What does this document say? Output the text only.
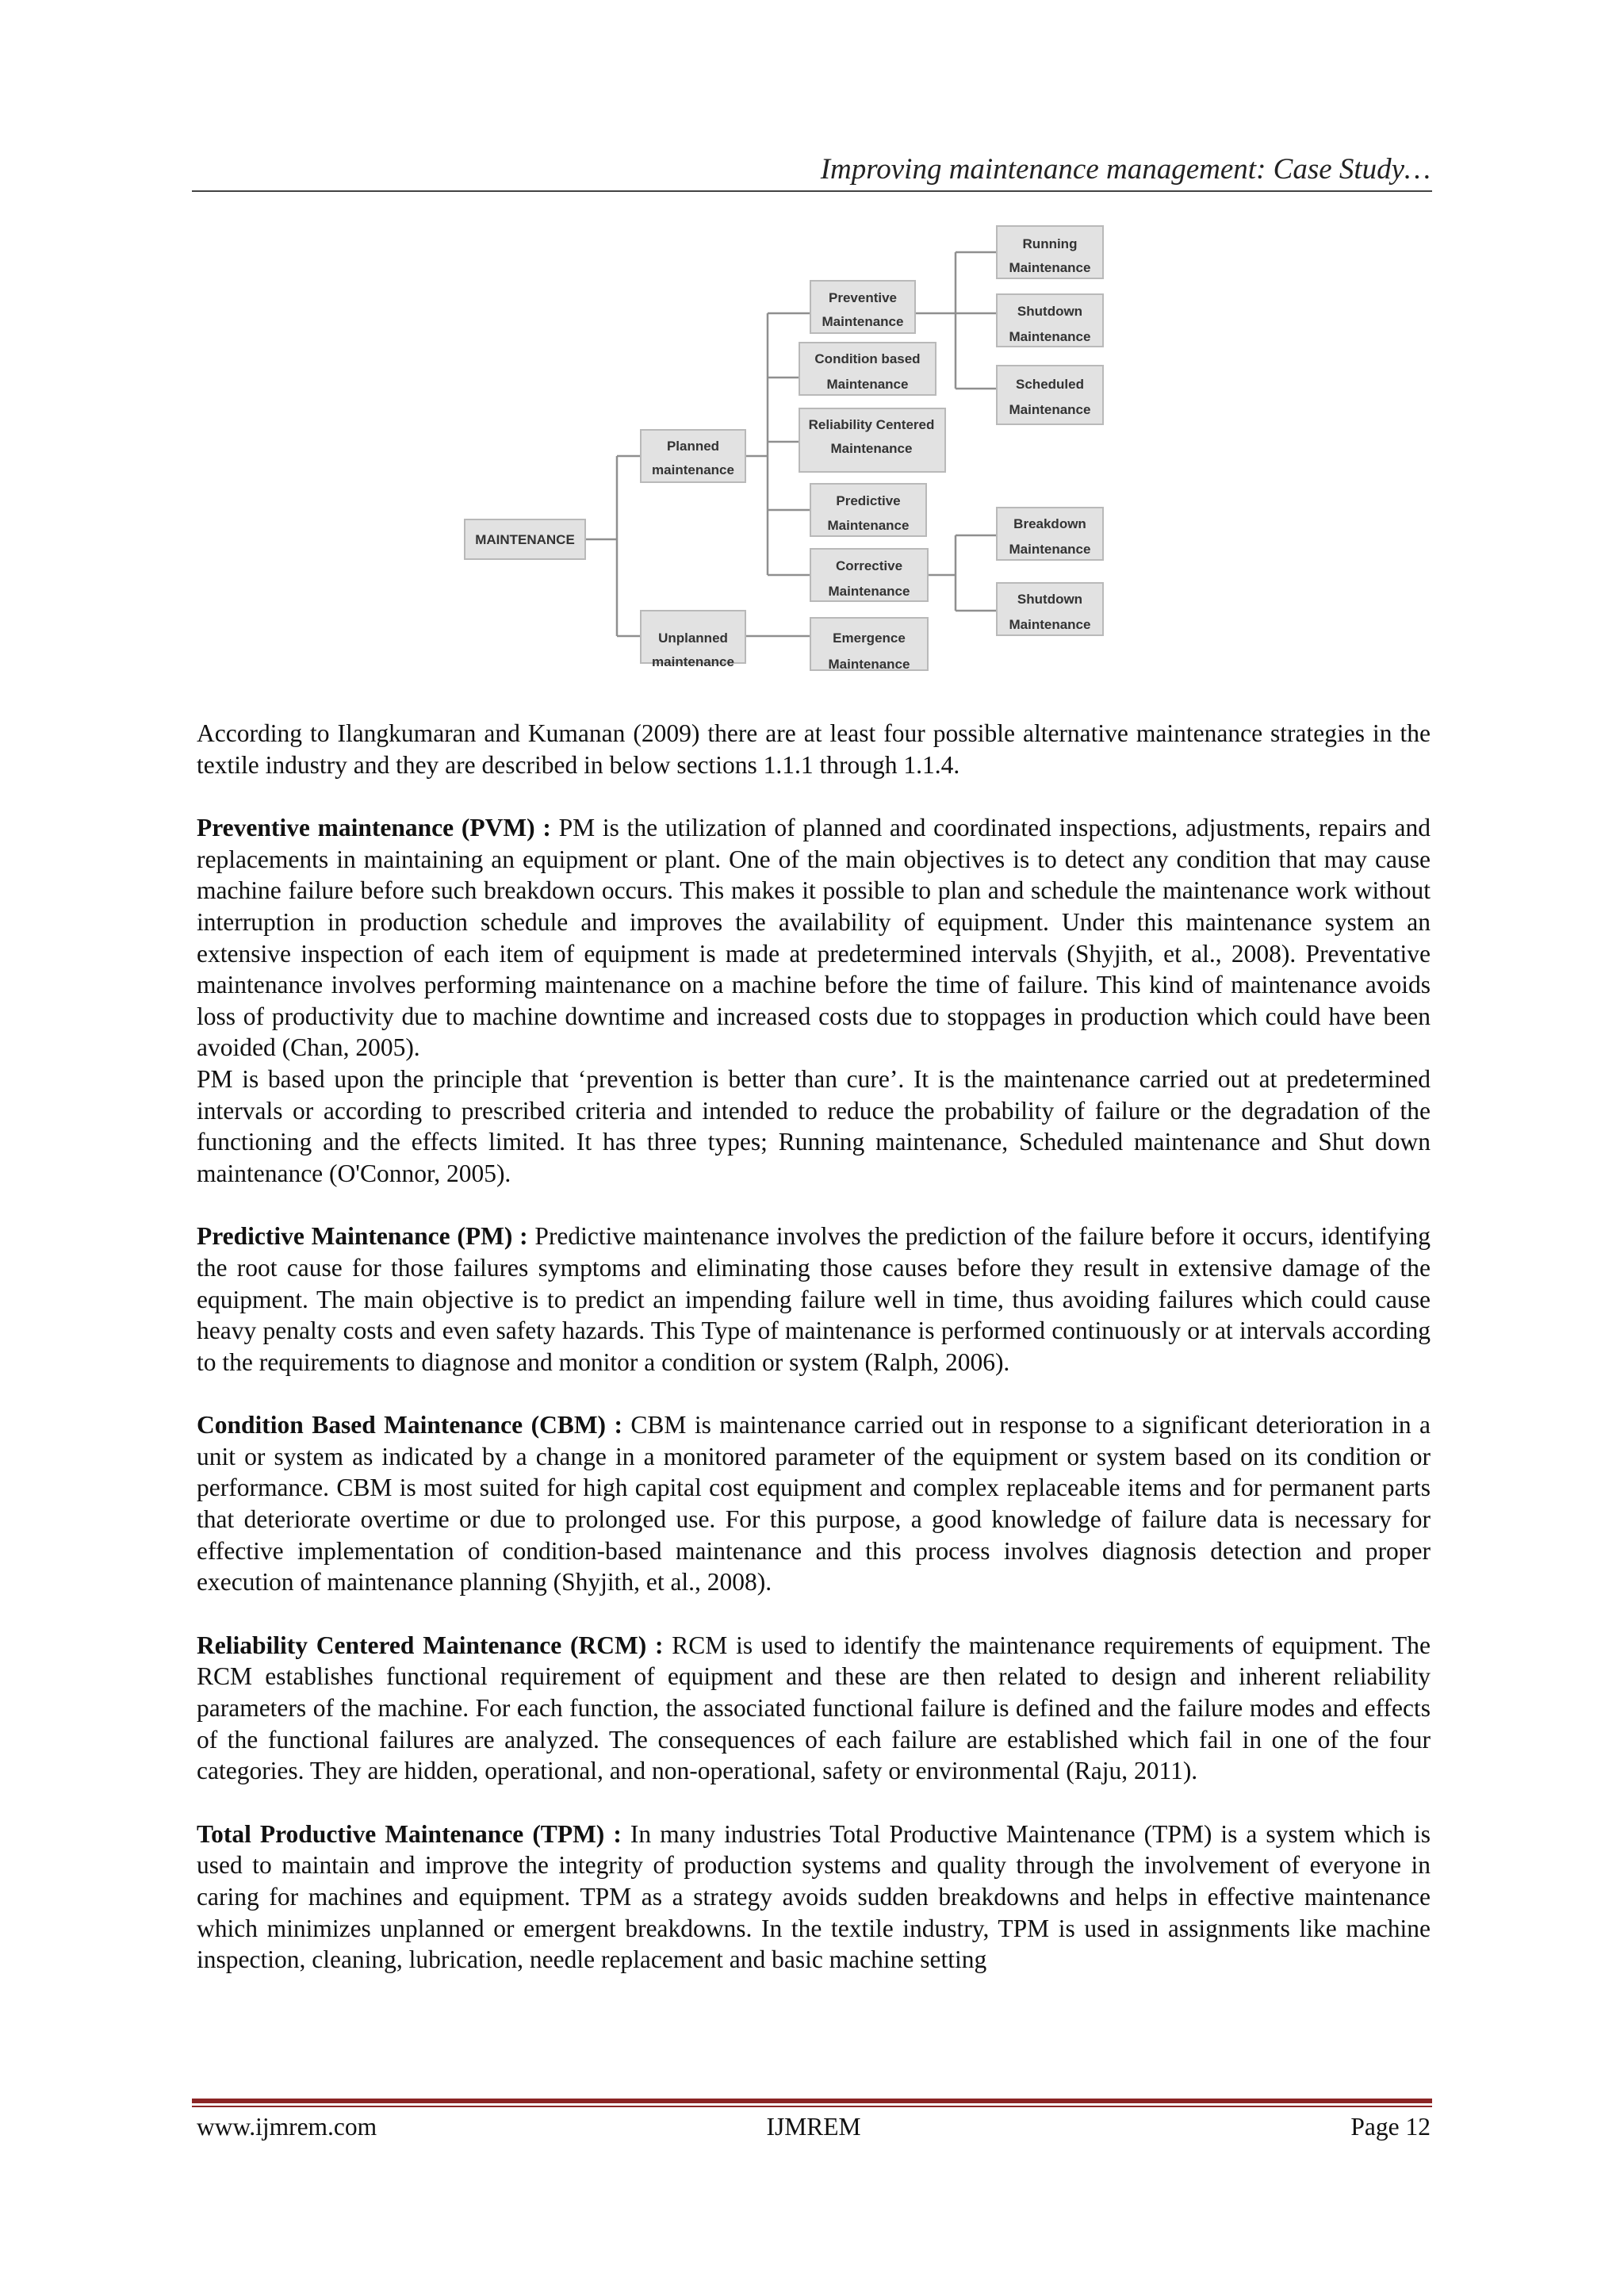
Improving maintenance management: Case Study…
MAINTENANCE
Planned
maintenance
Unplanned
maintenance
Preventive
Maintenance
Condition based
Maintenance
Reliability Centered
Maintenance
Predictive
Maintenance
Corrective
Maintenance
Emergence
Maintenance
Running
Maintenance
Shutdown
Maintenance
Scheduled
Maintenance
Breakdown
Maintenance
Shutdown
Maintenance

According to Ilangkumaran and Kumanan (2009) there are at least four possible alternative maintenance strategies in the textile industry and they are described in below sections 1.1.1 through 1.1.4.

Preventive maintenance (PVM) : PM is the utilization of planned and coordinated inspections, adjustments, repairs and replacements in maintaining an equipment or plant. One of the main objectives is to detect any condition that may cause machine failure before such breakdown occurs. This makes it possible to plan and schedule the maintenance work without interruption in production schedule and improves the availability of equipment. Under this maintenance system an extensive inspection of each item of equipment is made at predetermined intervals (Shyjith, et al., 2008). Preventative maintenance involves performing maintenance on a machine before the time of failure. This kind of maintenance avoids loss of productivity due to machine downtime and increased costs due to stoppages in production which could have been avoided (Chan, 2005).

PM is based upon the principle that ‘prevention is better than cure’. It is the maintenance carried out at predetermined intervals or according to prescribed criteria and intended to reduce the probability of failure or the degradation of the functioning and the effects limited. It has three types; Running maintenance, Scheduled maintenance and Shut down maintenance (O'Connor, 2005).

Predictive Maintenance (PM) : Predictive maintenance involves the prediction of the failure before it occurs, identifying the root cause for those failures symptoms and eliminating those causes before they result in extensive damage of the equipment. The main objective is to predict an impending failure well in time, thus avoiding failures which could cause heavy penalty costs and even safety hazards. This Type of maintenance is performed continuously or at intervals according to the requirements to diagnose and monitor a condition or system (Ralph, 2006).

Condition Based Maintenance (CBM) : CBM is maintenance carried out in response to a significant deterioration in a unit or system as indicated by a change in a monitored parameter of the equipment or system based on its condition or performance. CBM is most suited for high capital cost equipment and complex replaceable items and for permanent parts that deteriorate overtime or due to prolonged use. For this purpose, a good knowledge of failure data is necessary for effective implementation of condition-based maintenance and this process involves diagnosis detection and proper execution of maintenance planning (Shyjith, et al., 2008).

Reliability Centered Maintenance (RCM) : RCM is used to identify the maintenance requirements of equipment. The RCM establishes functional requirement of equipment and these are then related to design and inherent reliability parameters of the machine. For each function, the associated functional failure is defined and the failure modes and effects of the functional failures are analyzed. The consequences of each failure are established which fail in one of the four categories. They are hidden, operational, and non-operational, safety or environmental (Raju, 2011).

Total Productive Maintenance (TPM) : In many industries Total Productive Maintenance (TPM) is a system which is used to maintain and improve the integrity of production systems and quality through the involvement of everyone in caring for machines and equipment. TPM as a strategy avoids sudden breakdowns and helps in effective maintenance which minimizes unplanned or emergent breakdowns. In the textile industry, TPM is used in assignments like machine inspection, cleaning, lubrication, needle replacement and basic machine setting

www.ijmrem.com	IJMREM	Page 12
